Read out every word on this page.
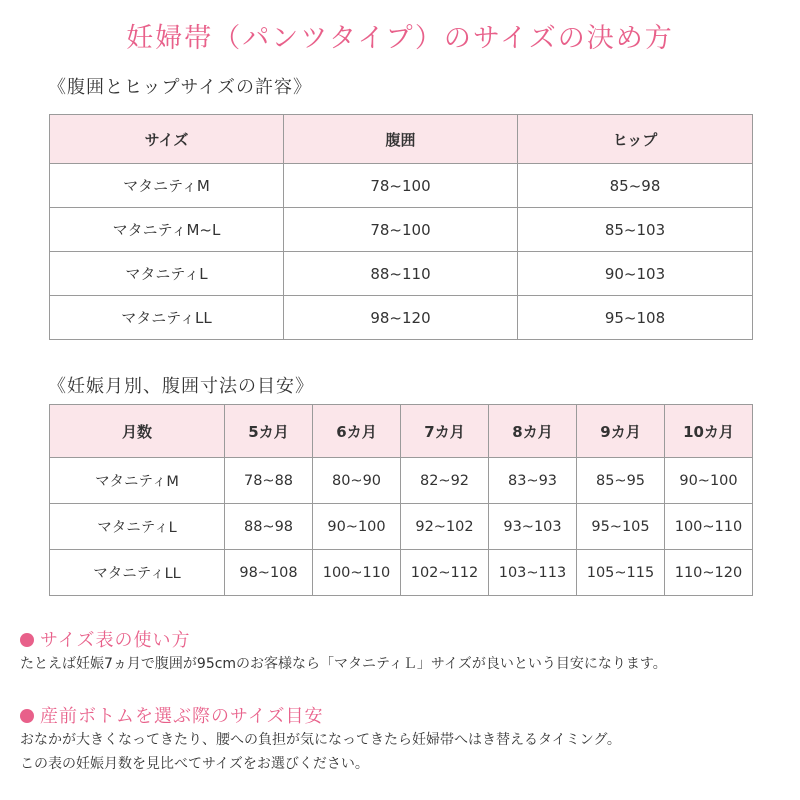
妊婦帯（パンツタイプ）のサイズの決め方
《腹囲とヒップサイズの許容》
サイズ	腹囲	ヒップ
マタニティM	78~100	85~98
マタニティM~L	78~100	85~103
マタニティL	88~110	90~103
マタニティLL	98~120	95~108
《妊娠月別、腹囲寸法の目安》
月数	5カ月	6カ月	7カ月	8カ月	9カ月	10カ月
マタニティM	78~88	80~90	82~92	83~93	85~95	90~100
マタニティL	88~98	90~100	92~102	93~103	95~105	100~110
マタニティLL	98~108	100~110	102~112	103~113	105~115	110~120
サイズ表の使い方
たとえば妊娠7ヵ月で腹囲が95cmのお客様なら「マタニティＬ」サイズが良いという目安になります。
産前ボトムを選ぶ際のサイズ目安
おなかが大きくなってきたり、腰への負担が気になってきたら妊婦帯へはき替えるタイミング。
この表の妊娠月数を見比べてサイズをお選びください。
